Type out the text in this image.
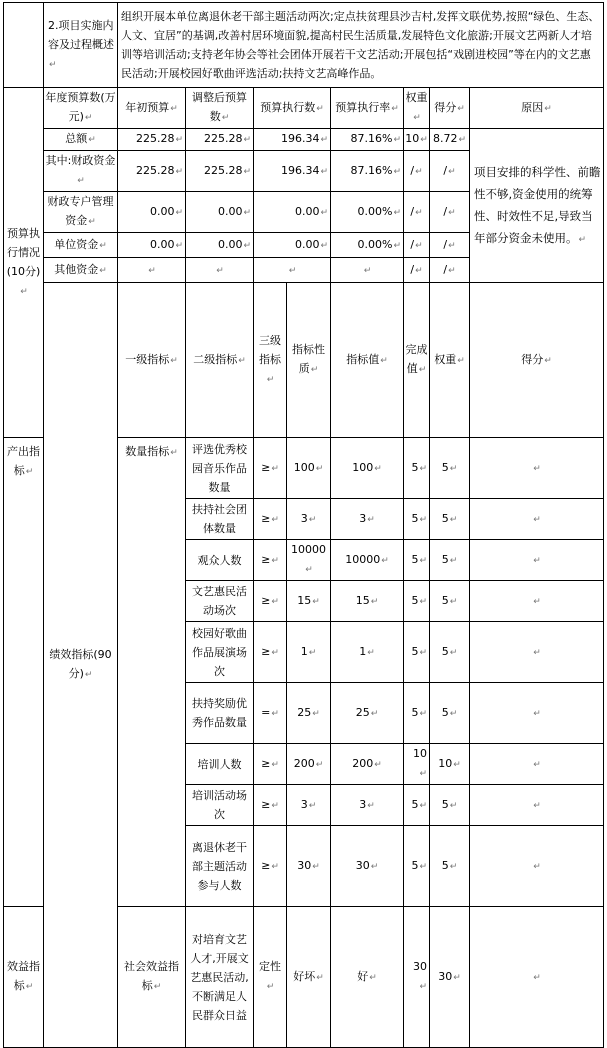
	2.项目实施内容及过程概述↵	组织开展本单位离退休老干部主题活动两次;定点扶贫理县沙吉村,发挥文联优势,按照“绿色、生态、人文、宜居”的基调,改善村居环境面貌,提高村民生活质量,发展特色文化旅游;开展文艺两新人才培训等培训活动;支持老年协会等社会团体开展若干文艺活动;开展包括“戏剧进校园”等在内的文艺惠民活动;开展校园好歌曲评选活动;扶持文艺高峰作品。								
预算执行情况(10分)↵	年度预算数(万元)↵	年初预算↵	调整后预算数↵	预算执行数↵		预算执行率↵	权重↵	得分↵	原因↵	
	总额↵	225.28↵	225.28↵	196.34↵		87.16%↵	10↵	8.72↵	项目安排的科学性、前瞻性不够,资金使用的统筹性、时效性不足,导致当年部分资金未使用。↵	
	其中:财政资金↵	225.28↵	225.28↵	196.34↵		87.16%↵	/↵	/↵		
	财政专户管理资金↵	0.00↵	0.00↵	0.00↵		0.00%↵	/↵	/↵		
	单位资金↵	0.00↵	0.00↵	0.00↵		0.00%↵	/↵	/↵		
	其他资金↵	↵	↵	↵		↵	/↵	/↵		
	绩效指标(90分)↵	一级指标↵	二级指标↵	三级指标↵	指标性质↵	指标值↵	完成值↵	权重↵	得分↵	
产出指标↵		数量指标↵	评选优秀校园音乐作品数量	≥↵	100↵	100↵	5↵	5↵	↵	
			扶持社会团体数量	≥↵	3↵	3↵	5↵	5↵	↵	
			观众人数	≥↵	10000↵	10000↵	5↵	5↵	↵	
			文艺惠民活动场次	≥↵	15↵	15↵	5↵	5↵	↵	
			校园好歌曲作品展演场次	≥↵	1↵	1↵	5↵	5↵	↵	
			扶持奖励优秀作品数量	=↵	25↵	25↵	5↵	5↵	↵	
			培训人数	≥↵	200↵	200↵	10↵	10↵	↵	
			培训活动场次	≥↵	3↵	3↵	5↵	5↵	↵	
			离退休老干部主题活动参与人数	≥↵	30↵	30↵	5↵	5↵	↵	
效益指标↵		社会效益指标↵	对培育文艺人才,开展文艺惠民活动,不断满足人民群众日益	定性↵	好坏↵	好↵	30↵	30↵	↵	
